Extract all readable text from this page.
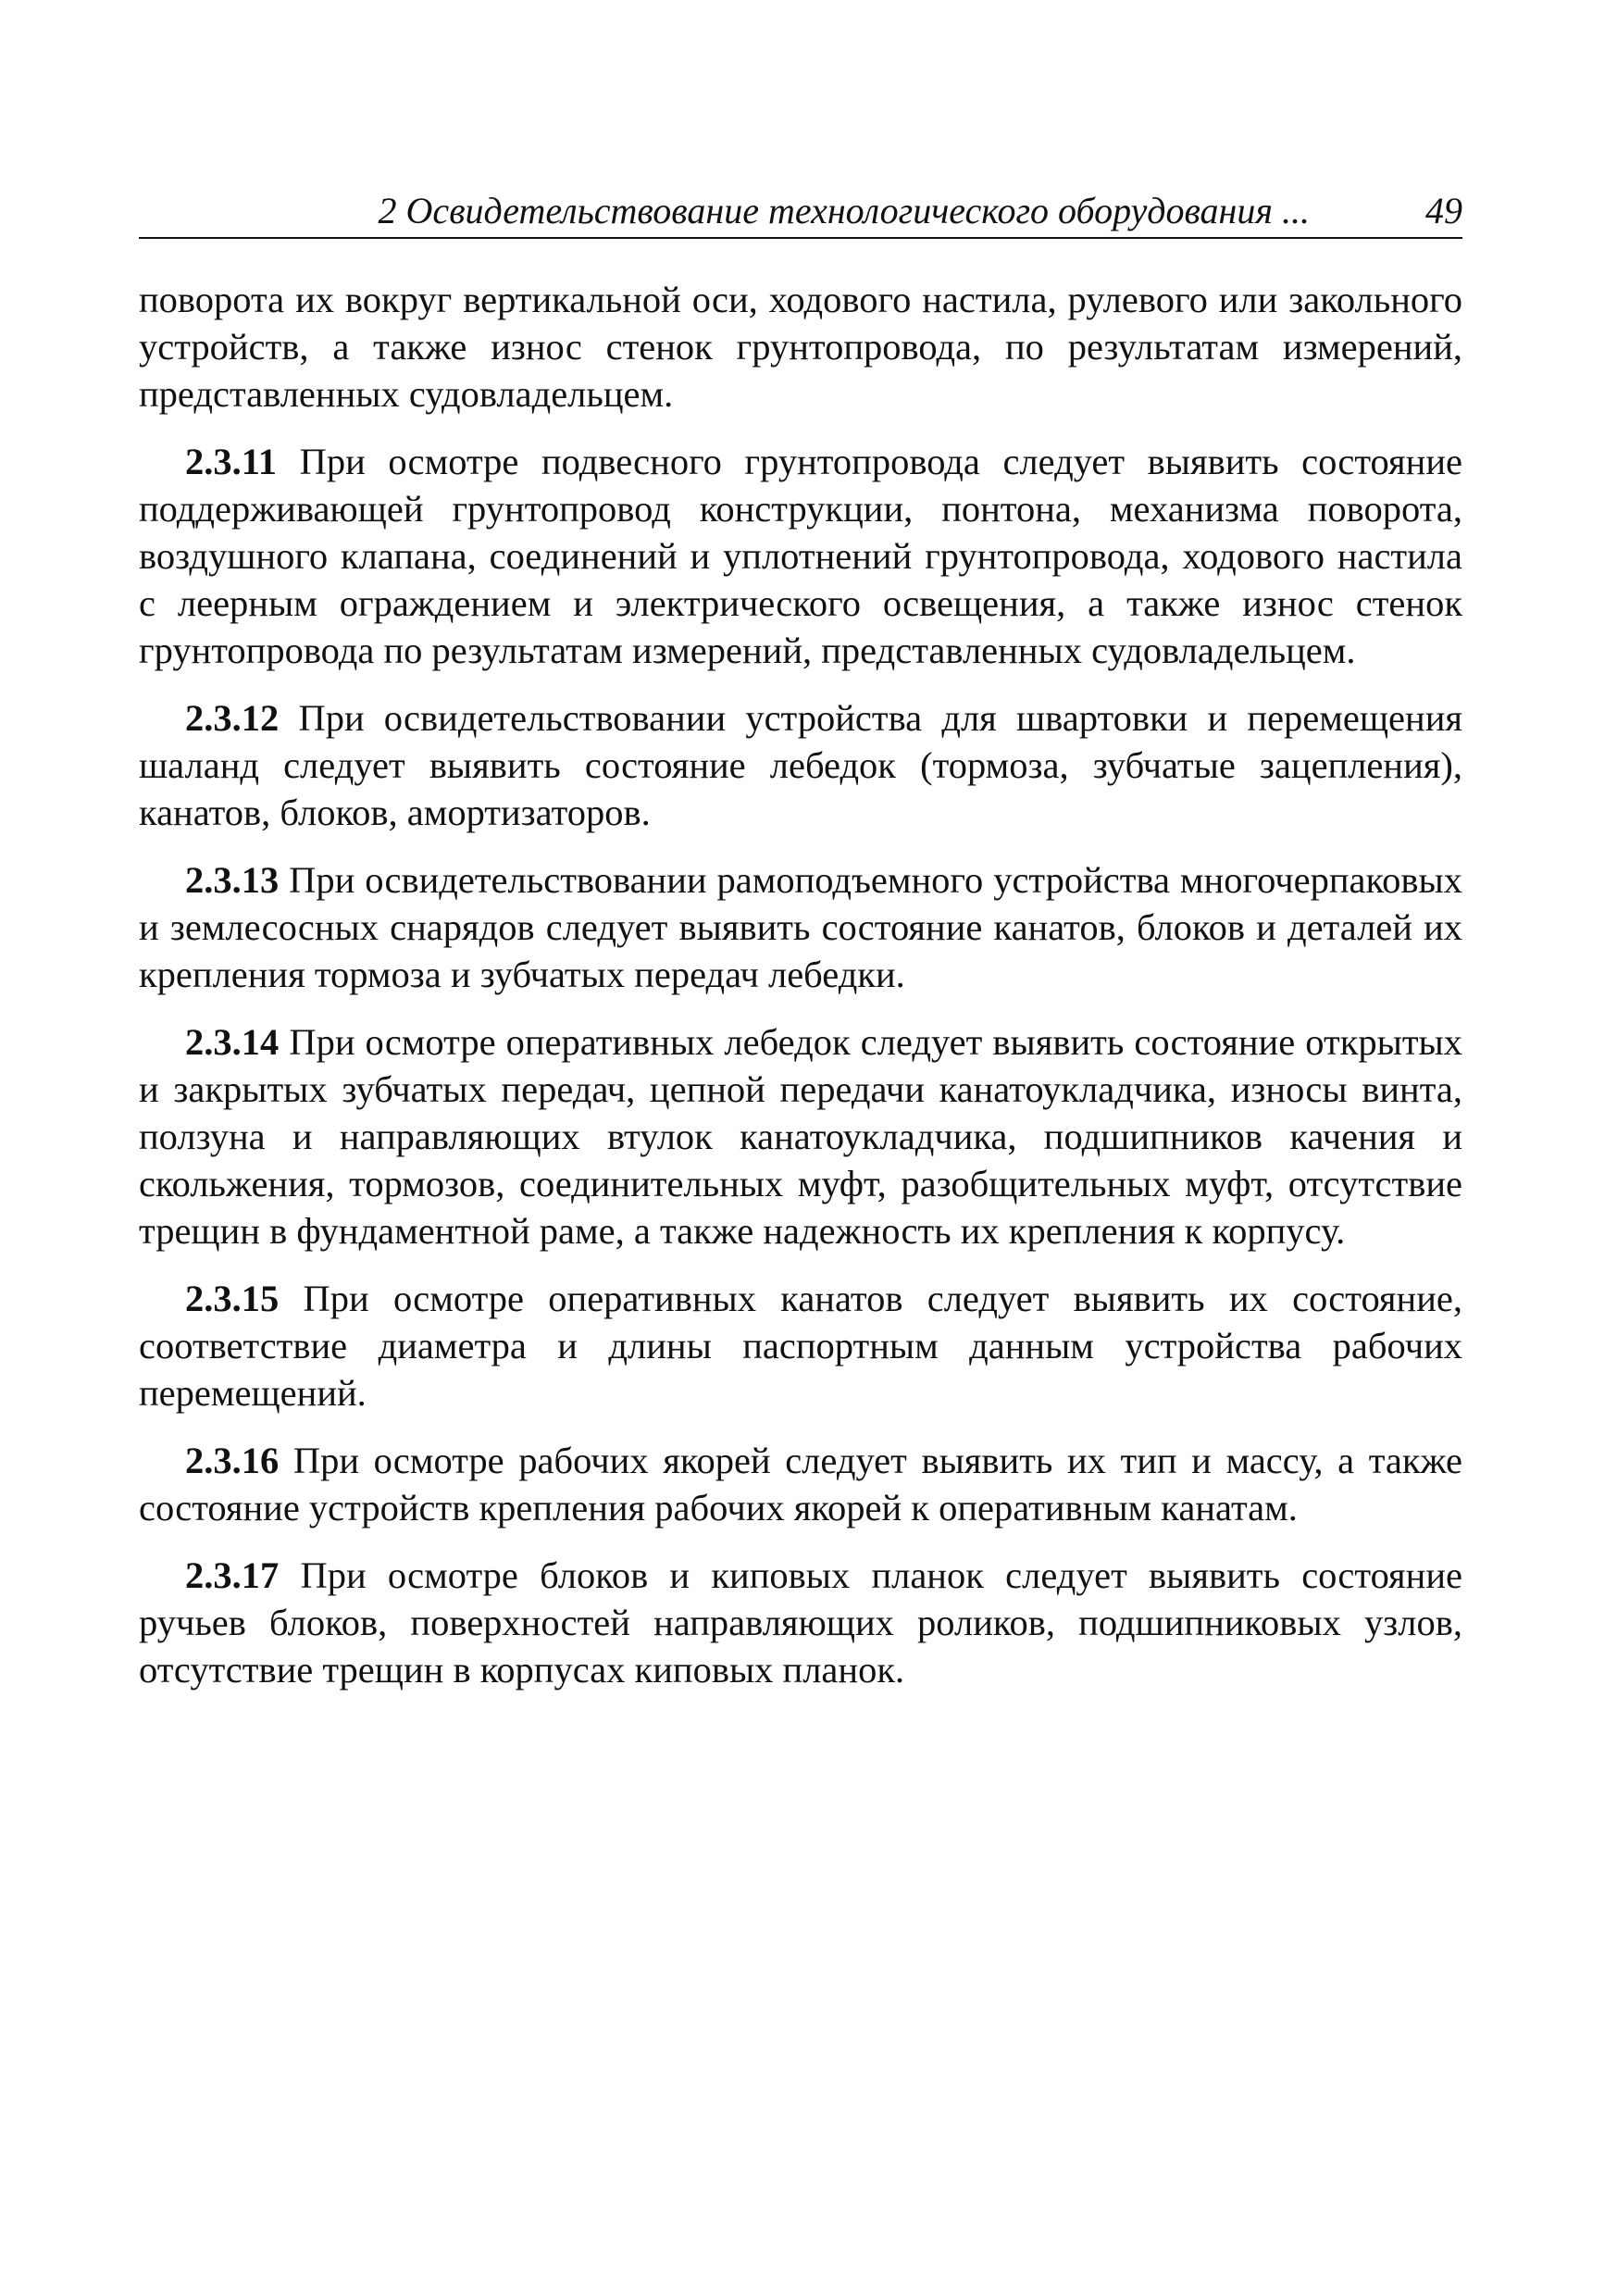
2 Освидетельствование технологического оборудования ...	49

поворота их вокруг вертикальной оси, ходового настила, рулевого или закольного устройств, а также износ стенок грунтопровода, по результатам измерений, представленных судовладельцем.

2.3.11 При осмотре подвесного грунтопровода следует выявить состояние поддерживающей грунтопровод конструкции, понтона, механизма поворота, воздушного клапана, соединений и уплотнений грунтопровода, ходового настила с леерным ограждением и электрического освещения, а также износ стенок грунтопровода по результатам измерений, представленных судовладельцем.

2.3.12 При освидетельствовании устройства для швартовки и перемещения шаланд следует выявить состояние лебедок (тормоза, зубчатые зацепления), канатов, блоков, амортизаторов.

2.3.13 При освидетельствовании рамоподъемного устройства многочерпаковых и землесосных снарядов следует выявить состояние канатов, блоков и деталей их крепления тормоза и зубчатых передач лебедки.

2.3.14 При осмотре оперативных лебедок следует выявить состояние открытых и закрытых зубчатых передач, цепной передачи канатоукладчика, износы винта, ползуна и направляющих втулок канатоукладчика, подшипников качения и скольжения, тормозов, соединительных муфт, разобщительных муфт, отсутствие трещин в фундаментной раме, а также надежность их крепления к корпусу.

2.3.15 При осмотре оперативных канатов следует выявить их состояние, соответствие диаметра и длины паспортным данным устройства рабочих перемещений.

2.3.16 При осмотре рабочих якорей следует выявить их тип и массу, а также состояние устройств крепления рабочих якорей к оперативным канатам.

2.3.17 При осмотре блоков и киповых планок следует выявить состояние ручьев блоков, поверхностей направляющих роликов, подшипниковых узлов, отсутствие трещин в корпусах киповых планок.
